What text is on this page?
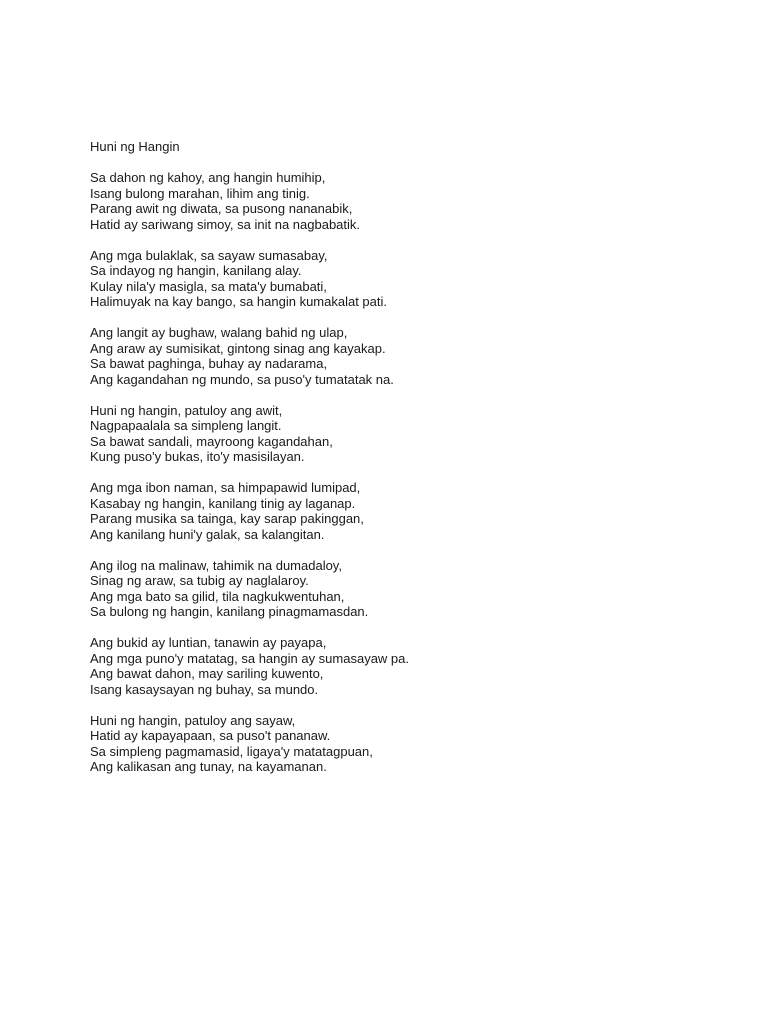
Huni ng Hangin
Sa dahon ng kahoy, ang hangin humihip,
Isang bulong marahan, lihim ang tinig.
Parang awit ng diwata, sa pusong nananabik,
Hatid ay sariwang simoy, sa init na nagbabatik.
Ang mga bulaklak, sa sayaw sumasabay,
Sa indayog ng hangin, kanilang alay.
Kulay nila'y masigla, sa mata'y bumabati,
Halimuyak na kay bango, sa hangin kumakalat pati.
Ang langit ay bughaw, walang bahid ng ulap,
Ang araw ay sumisikat, gintong sinag ang kayakap.
Sa bawat paghinga, buhay ay nadarama,
Ang kagandahan ng mundo, sa puso'y tumatatak na.
Huni ng hangin, patuloy ang awit,
Nagpapaalala sa simpleng langit.
Sa bawat sandali, mayroong kagandahan,
Kung puso'y bukas, ito'y masisilayan.
Ang mga ibon naman, sa himpapawid lumipad,
Kasabay ng hangin, kanilang tinig ay laganap.
Parang musika sa tainga, kay sarap pakinggan,
Ang kanilang huni'y galak, sa kalangitan.
Ang ilog na malinaw, tahimik na dumadaloy,
Sinag ng araw, sa tubig ay naglalaroy.
Ang mga bato sa gilid, tila nagkukwentuhan,
Sa bulong ng hangin, kanilang pinagmamasdan.
Ang bukid ay luntian, tanawin ay payapa,
Ang mga puno'y matatag, sa hangin ay sumasayaw pa.
Ang bawat dahon, may sariling kuwento,
Isang kasaysayan ng buhay, sa mundo.
Huni ng hangin, patuloy ang sayaw,
Hatid ay kapayapaan, sa puso't pananaw.
Sa simpleng pagmamasid, ligaya'y matatagpuan,
Ang kalikasan ang tunay, na kayamanan.
